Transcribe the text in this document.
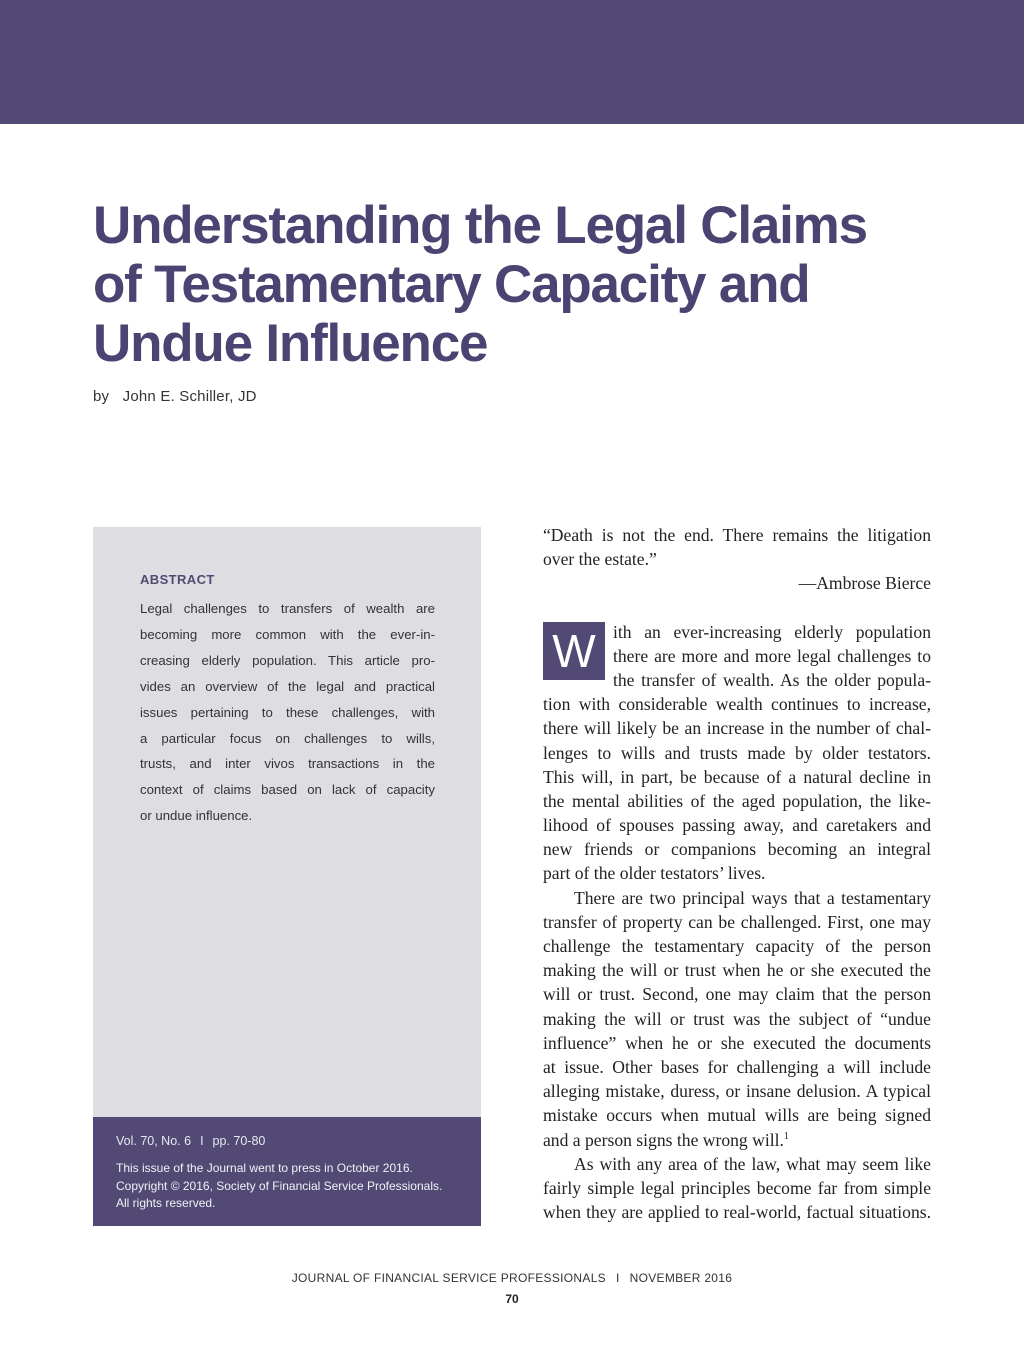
Understanding the Legal Claims
of Testamentary Capacity and
Undue Influence
by John E. Schiller, JD
ABSTRACT
Legal challenges to transfers of wealth are
becoming more common with the ever-in-
creasing elderly population. This article pro-
vides an overview of the legal and practical
issues pertaining to these challenges, with
a particular focus on challenges to wills,
trusts, and inter vivos transactions in the
context of claims based on lack of capacity
or undue influence.
Vol. 70, No. 6 I pp. 70-80
This issue of the Journal went to press in October 2016.
Copyright © 2016, Society of Financial Service Professionals.
All rights reserved.
“Death is not the end. There remains the litigation
over the estate.”
—Ambrose Bierce
W ith an ever-increasing elderly population
there are more and more legal challenges to
the transfer of wealth. As the older popula-
tion with considerable wealth continues to increase,
there will likely be an increase in the number of chal-
lenges to wills and trusts made by older testators.
This will, in part, be because of a natural decline in
the mental abilities of the aged population, the like-
lihood of spouses passing away, and caretakers and
new friends or companions becoming an integral
part of the older testators’ lives.
There are two principal ways that a testamentary
transfer of property can be challenged. First, one may
challenge the testamentary capacity of the person
making the will or trust when he or she executed the
will or trust. Second, one may claim that the person
making the will or trust was the subject of “undue
influence” when he or she executed the documents
at issue. Other bases for challenging a will include
alleging mistake, duress, or insane delusion. A typical
mistake occurs when mutual wills are being signed
and a person signs the wrong will.$^1$
As with any area of the law, what may seem like
fairly simple legal principles become far from simple
when they are applied to real-world, factual situations.
JOURNAL OF FINANCIAL SERVICE PROFESSIONALS I NOVEMBER 2016
70
